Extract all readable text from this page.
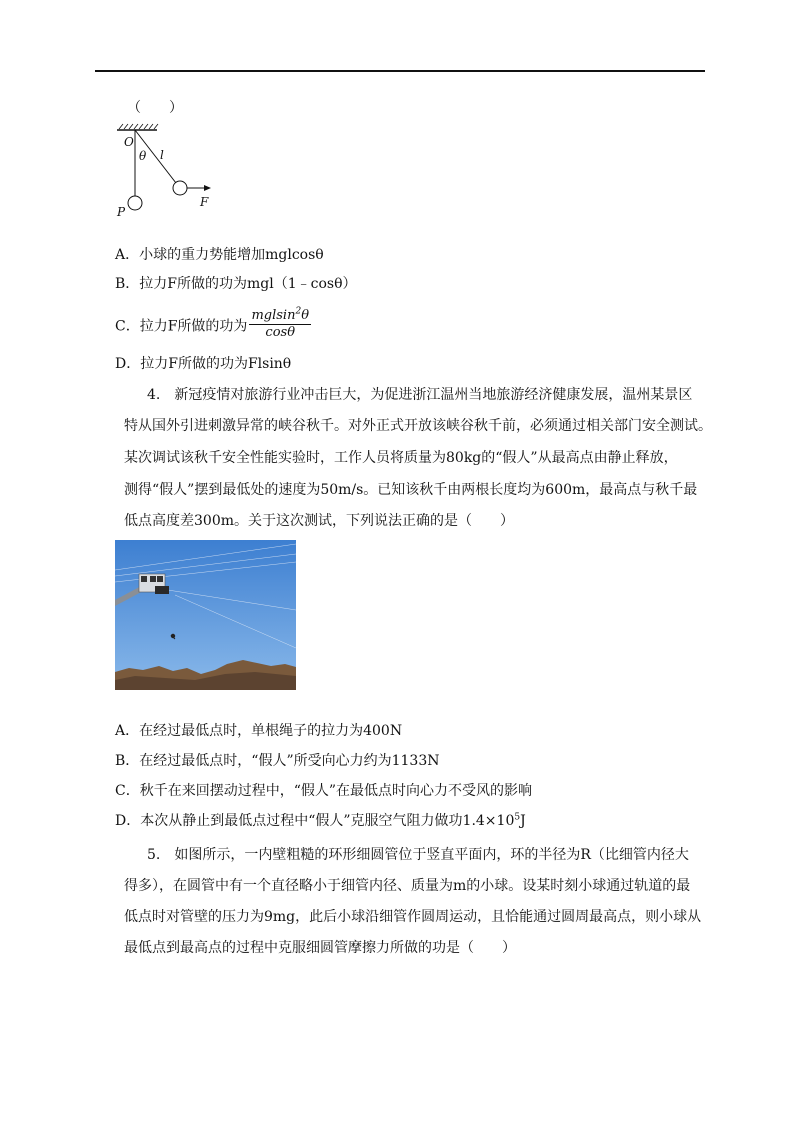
（　　）
O
θ l
P
F
A．小球的重力势能增加mglcosθ
B．拉力F所做的功为mgl（1﹣cosθ）
C．拉力F所做的功为 $\frac{mglsin^2\theta}{\cos\theta}$
D．拉力F所做的功为Flsinθ
4.　新冠疫情对旅游行业冲击巨大，为促进浙江温州当地旅游经济健康发展，温州某景区
特从国外引进刺激异常的峡谷秋千。对外正式开放该峡谷秋千前，必须通过相关部门安全测试。
某次调试该秋千安全性能实验时，工作人员将质量为80kg的“假人”从最高点由静止释放，
测得“假人”摆到最低处的速度为50m/s。已知该秋千由两根长度均为600m，最高点与秋千最
低点高度差300m。关于这次测试，下列说法正确的是（　　）
A．在经过最低点时，单根绳子的拉力为400N
B．在经过最低点时，“假人”所受向心力约为1133N
C．秋千在来回摆动过程中，“假人”在最低点时向心力不受风的影响
D．本次从静止到最低点过程中“假人”克服空气阻力做功$1.4\times 10^5J$
5.　如图所示，一内壁粗糙的环形细圆管位于竖直平面内，环的半径为R（比细管内径大
得多），在圆管中有一个直径略小于细管内径、质量为m的小球。设某时刻小球通过轨道的最
低点时对管壁的压力为9mg，此后小球沿细管作圆周运动，且恰能通过圆周最高点，则小球从
最低点到最高点的过程中克服细圆管摩擦力所做的功是（　　）
